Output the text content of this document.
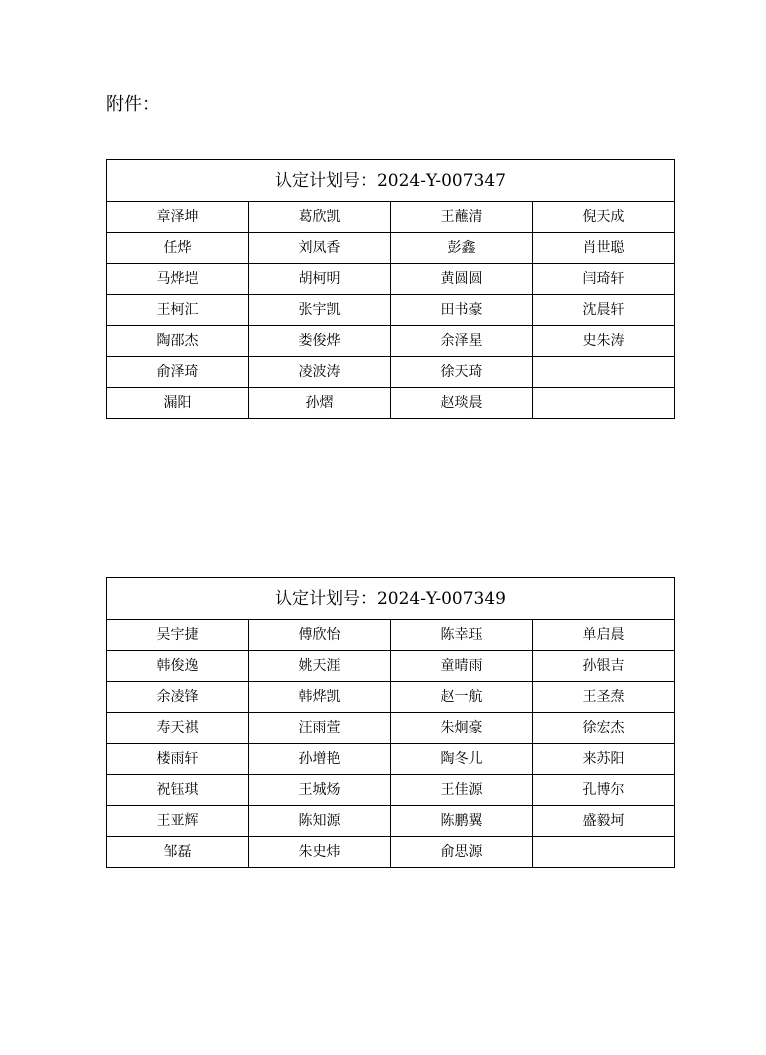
附件：
认定计划号：2024-Y-007347			
章泽坤	葛欣凯	王蘸清	倪天成
任烨	刘凤香	彭鑫	肖世聪
马烨垲	胡柯明	黄圆圆	闫琦轩
王柯汇	张宇凯	田书豪	沈晨轩
陶邵杰	娄俊烨	余泽星	史朱涛
俞泽琦	凌波涛	徐天琦	
漏阳	孙熠	赵琰晨	
认定计划号：2024-Y-007349			
吴宇捷	傅欣怡	陈幸珏	单启晨
韩俊逸	姚天涯	童晴雨	孙银吉
余凌锋	韩烨凯	赵一航	王圣焘
寿天祺	汪雨萱	朱炯豪	徐宏杰
楼雨轩	孙增艳	陶冬儿	来苏阳
祝钰琪	王城炀	王佳源	孔博尔
王亚辉	陈知源	陈鹏翼	盛毅坷
邹磊	朱史炜	俞思源	
